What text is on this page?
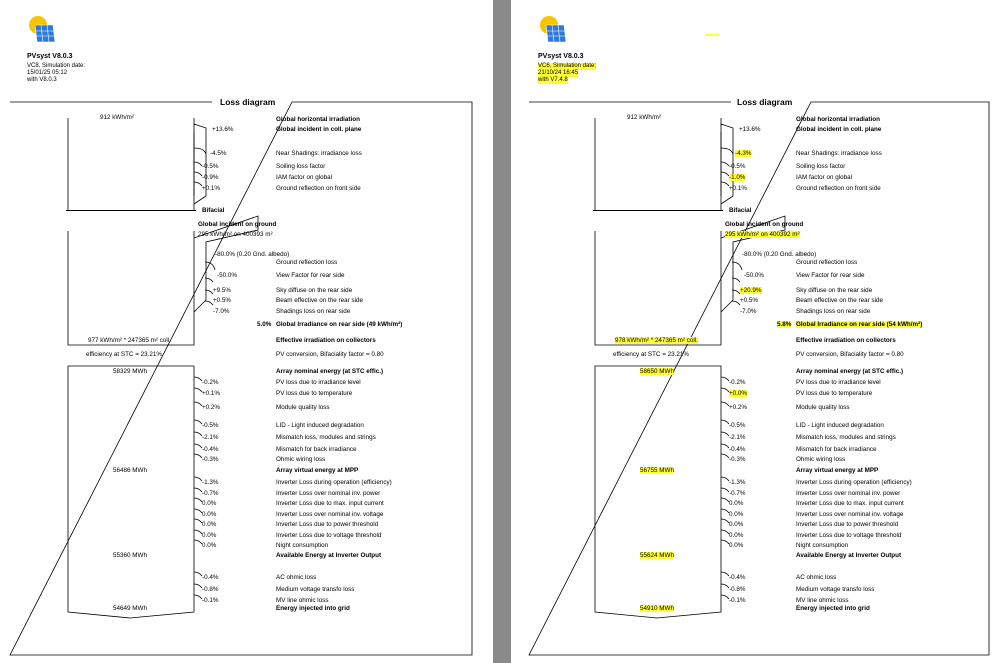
PVsyst V8.0.3
VC8, Simulation date:
15/01/25 05:12
with V8.0.3
Loss diagram
912 kWh/m²
Bifacial
Global incident on ground
295 kWh/m² on 400393 m²
-80.0% (0.20 Gnd. albedo)
977 kWh/m² * 247365 m² coll.
efficiency at STC = 23.21%
58329 MWh
56486 MWh
55360 MWh
54649 MWh
+13.6%
-4.5%
-0.5%
-0.9%
+0.1%
-50.0%
+9.5%
+0.5%
-7.0%
-0.2%
+0.1%
+0.2%
-0.5%
-2.1%
-0.4%
-0.3%
-1.3%
-0.7%
0.0%
0.0%
0.0%
0.0%
0.0%
-0.4%
-0.8%
-0.1%
Global horizontal irradiation
Global incident in coll. plane
Near Shadings: irradiance loss
Soiling loss factor
IAM factor on global
Ground reflection on front side
Ground reflection loss
View Factor for rear side
Sky diffuse on the rear side
Beam effective on the rear side
Shadings loss on rear side
5.0% Global Irradiance on rear side (49 kWh/m²)
Effective irradiation on collectors
PV conversion, Bifaciality factor = 0.80
Array nominal energy (at STC effic.)
PV loss due to irradiance level
PV loss due to temperature
Module quality loss
LID - Light induced degradation
Mismatch loss, modules and strings
Mismatch for back irradiance
Ohmic wiring loss
Array virtual energy at MPP
Inverter Loss during operation (efficiency)
Inverter Loss over nominal inv. power
Inverter Loss due to max. input current
Inverter Loss over nominal inv. voltage
Inverter Loss due to power threshold
Inverter Loss due to voltage threshold
Night consumption
Available Energy at Inverter Output
AC ohmic loss
Medium voltage transfo loss
MV line ohmic loss
Energy injected into grid
PVsyst V8.0.3
VC6, Simulation date:
21/10/24 16:45
with V7.4.8
Loss diagram
912 kWh/m²
Bifacial
Global incident on ground
295 kWh/m² on 400392 m²
-80.0% (0.20 Gnd. albedo)
978 kWh/m² * 247365 m² coll.
efficiency at STC = 23.21%
58650 MWh
56755 MWh
55624 MWh
54910 MWh
+13.6%
-4.3%
-0.5%
-1.0%
+0.1%
-50.0%
+20.9%
+0.5%
-7.0%
-0.2%
+0.0%
+0.2%
-0.5%
-2.1%
-0.4%
-0.3%
-1.3%
-0.7%
0.0%
0.0%
0.0%
0.0%
0.0%
-0.4%
-0.8%
-0.1%
Global horizontal irradiation
Global incident in coll. plane
Near Shadings: irradiance loss
Soiling loss factor
IAM factor on global
Ground reflection on front side
Ground reflection loss
View Factor for rear side
Sky diffuse on the rear side
Beam effective on the rear side
Shadings loss on rear side
5.8% Global Irradiance on rear side (54 kWh/m²)
Effective irradiation on collectors
PV conversion, Bifaciality factor = 0.80
Array nominal energy (at STC effic.)
PV loss due to irradiance level
PV loss due to temperature
Module quality loss
LID - Light induced degradation
Mismatch loss, modules and strings
Mismatch for back irradiance
Ohmic wiring loss
Array virtual energy at MPP
Inverter Loss during operation (efficiency)
Inverter Loss over nominal inv. power
Inverter Loss due to max. input current
Inverter Loss over nominal inv. voltage
Inverter Loss due to power threshold
Inverter Loss due to voltage threshold
Night consumption
Available Energy at Inverter Output
AC ohmic loss
Medium voltage transfo loss
MV line ohmic loss
Energy injected into grid
